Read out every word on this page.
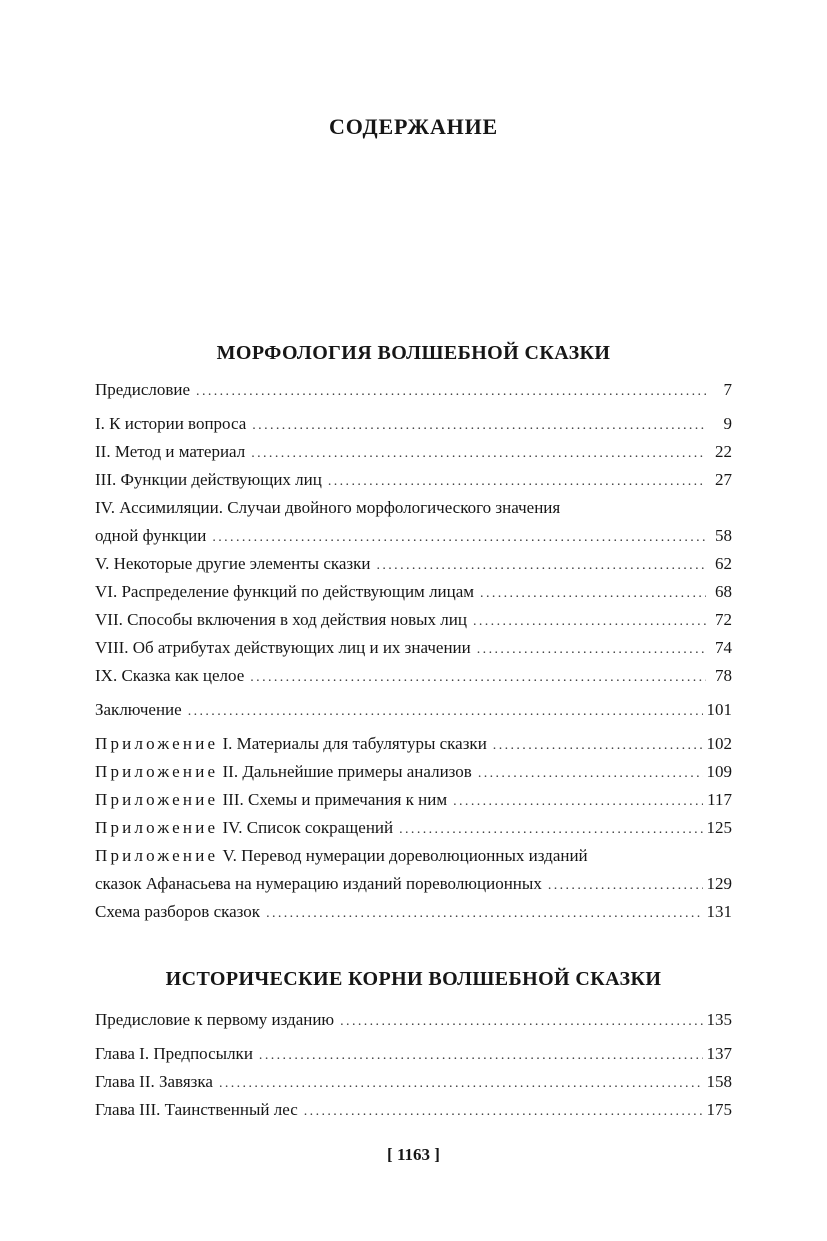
СОДЕРЖАНИЕ
МОРФОЛОГИЯ ВОЛШЕБНОЙ СКАЗКИ
Предисловие .....	7
I. К истории вопроса .....	9
II. Метод и материал .....	22
III. Функции действующих лиц .....	27
IV. Ассимиляции. Случаи двойного морфологического значения
одной функции .....	58
V. Некоторые другие элементы сказки .....	62
VI. Распределение функций по действующим лицам .....	68
VII. Способы включения в ход действия новых лиц .....	72
VIII. Об атрибутах действующих лиц и их значении .....	74
IX. Сказка как целое .....	78
Заключение .....	101
Приложение I. Материалы для табулятуры сказки .....	102
Приложение II. Дальнейшие примеры анализов .....	109
Приложение III. Схемы и примечания к ним .....	117
Приложение IV. Список сокращений .....	125
Приложение V. Перевод нумерации дореволюционных изданий
сказок Афанасьева на нумерацию изданий пореволюционных .....	129
Схема разборов сказок .....	131
ИСТОРИЧЕСКИЕ КОРНИ ВОЛШЕБНОЙ СКАЗКИ
Предисловие к первому изданию .....	135
Глава I. Предпосылки .....	137
Глава II. Завязка .....	158
Глава III. Таинственный лес .....	175
[ 1163 ]
